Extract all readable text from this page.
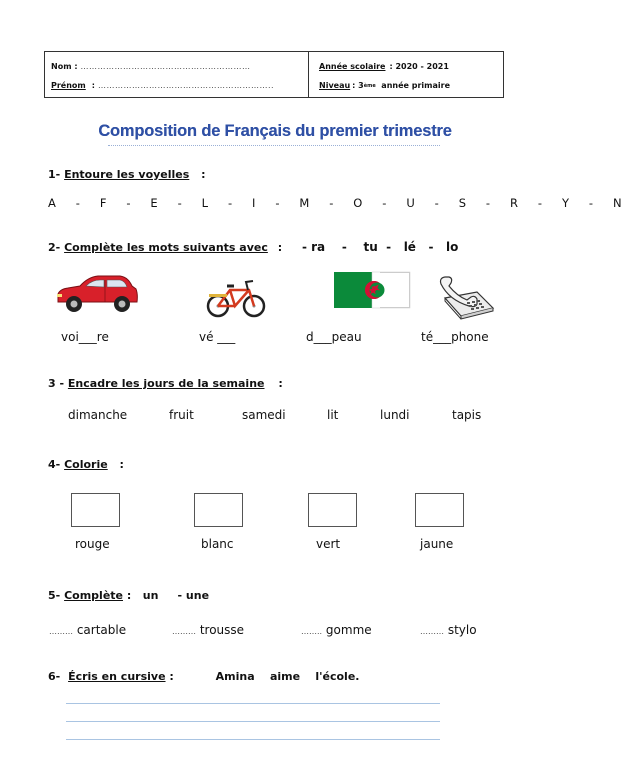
Nom : ……………………………………………………
Prénom : ……………………………………………………..
Année scolaire : 2020 - 2021
Niveau : 3 ème année primaire
Composition de Français du premier trimestre
1- Entoure les voyelles :
A  -  F  -  E  -  L  -  I  -  M  -  O  -  U  -  S  -  R  -  Y  -  N
2- Complète les mots suivants avec : - ra    -    tu  -   lé   -   lo
voi___re	vé ___	d___peau	té___phone
3 - Encadre les jours de la semaine :
dimanche	fruit	samedi	lit	lundi	tapis
4- Colorie :
rouge	blanc	vert	jaune
5- Complète :   un     - une
……… cartable	……… trousse	…….. gomme	……… stylo
6- Écris en cursive :	Amina    aime    l'école.
